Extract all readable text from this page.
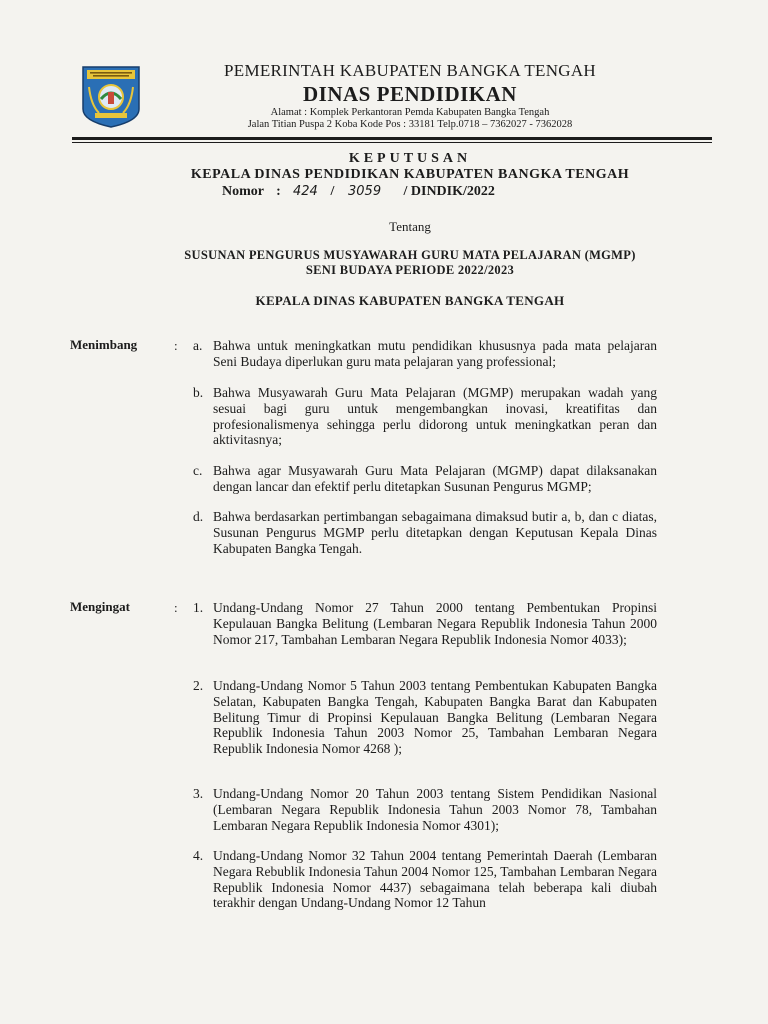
PEMERINTAH KABUPATEN BANGKA TENGAH
DINAS PENDIDIKAN
Alamat : Komplek Perkantoran Pemda Kabupaten Bangka Tengah
Jalan Titian Puspa 2 Koba Kode Pos : 33181 Telp.0718 – 7362027 - 7362028
KEPUTUSAN
KEPALA DINAS PENDIDIKAN KABUPATEN BANGKA TENGAH
Nomor : 424 / 3059 / DINDIK/2022
Tentang
SUSUNAN PENGURUS MUSYAWARAH GURU MATA PELAJARAN (MGMP)
SENI BUDAYA PERIODE 2022/2023
KEPALA DINAS KABUPATEN BANGKA TENGAH
Menimbang	: a. Bahwa untuk meningkatkan mutu pendidikan khususnya pada mata pelajaran Seni Budaya diperlukan guru mata pelajaran yang professional;
b. Bahwa Musyawarah Guru Mata Pelajaran (MGMP) merupakan wadah yang sesuai bagi guru untuk mengembangkan inovasi, kreatifitas dan profesionalismenya sehingga perlu didorong untuk meningkatkan peran dan aktivitasnya;
c. Bahwa agar Musyawarah Guru Mata Pelajaran (MGMP) dapat dilaksanakan dengan lancar dan efektif perlu ditetapkan Susunan Pengurus MGMP;
d. Bahwa berdasarkan pertimbangan sebagaimana dimaksud butir a, b, dan c diatas, Susunan Pengurus MGMP perlu ditetapkan dengan Keputusan Kepala Dinas Kabupaten Bangka Tengah.
Mengingat	: 1. Undang-Undang Nomor 27 Tahun 2000 tentang Pembentukan Propinsi Kepulauan Bangka Belitung (Lembaran Negara Republik Indonesia Tahun 2000 Nomor 217, Tambahan Lembaran Negara Republik Indonesia Nomor 4033);
2. Undang-Undang Nomor 5 Tahun 2003 tentang Pembentukan Kabupaten Bangka Selatan, Kabupaten Bangka Tengah, Kabupaten Bangka Barat dan Kabupaten Belitung Timur di Propinsi Kepulauan Bangka Belitung (Lembaran Negara Republik Indonesia Tahun 2003 Nomor 25, Tambahan Lembaran Negara Republik Indonesia Nomor 4268 );
3. Undang-Undang Nomor 20 Tahun 2003 tentang Sistem Pendidikan Nasional (Lembaran Negara Republik Indonesia Tahun 2003 Nomor 78, Tambahan Lembaran Negara Republik Indonesia Nomor 4301);
4. Undang-Undang Nomor 32 Tahun 2004 tentang Pemerintah Daerah (Lembaran Negara Rebublik Indonesia Tahun 2004 Nomor 125, Tambahan Lembaran Negara Republik Indonesia Nomor 4437) sebagaimana telah beberapa kali diubah terakhir dengan Undang-Undang Nomor 12 Tahun
